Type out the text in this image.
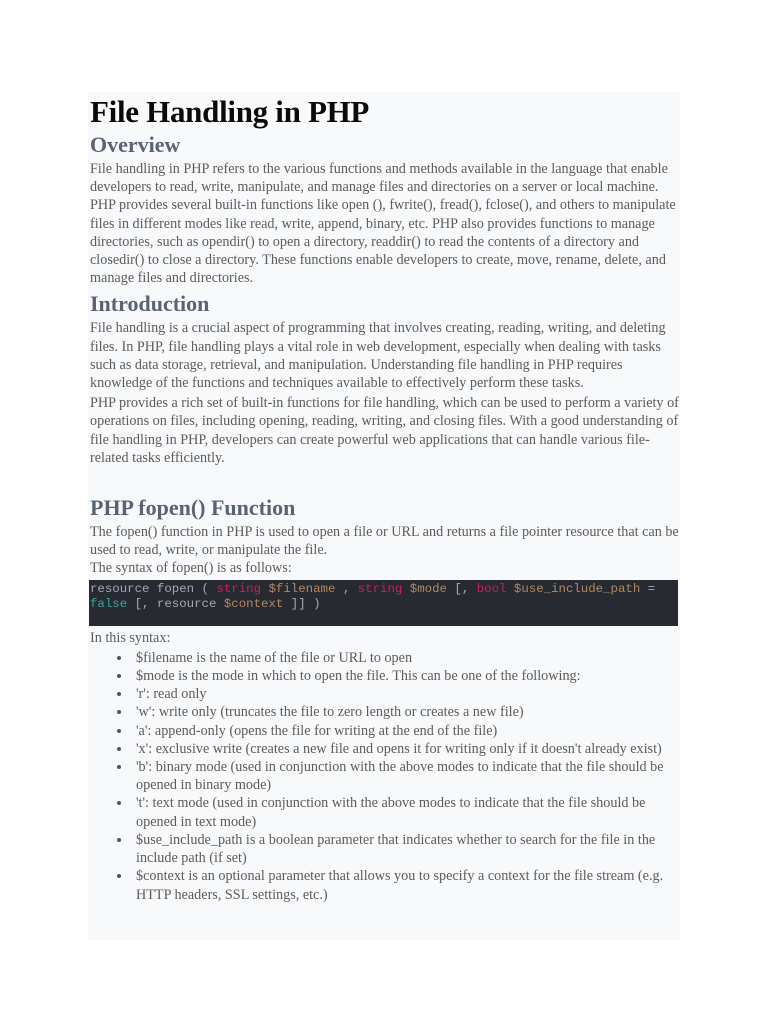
File Handling in PHP
Overview

File handling in PHP refers to the various functions and methods available in the language that enable developers to read, write, manipulate, and manage files and directories on a server or local machine. PHP provides several built-in functions like open (), fwrite(), fread(), fclose(), and others to manipulate files in different modes like read, write, append, binary, etc. PHP also provides functions to manage directories, such as opendir() to open a directory, readdir() to read the contents of a directory and closedir() to close a directory. These functions enable developers to create, move, rename, delete, and manage files and directories.

Introduction

File handling is a crucial aspect of programming that involves creating, reading, writing, and deleting files. In PHP, file handling plays a vital role in web development, especially when dealing with tasks such as data storage, retrieval, and manipulation. Understanding file handling in PHP requires knowledge of the functions and techniques available to effectively perform these tasks.

PHP provides a rich set of built-in functions for file handling, which can be used to perform a variety of operations on files, including opening, reading, writing, and closing files. With a good understanding of file handling in PHP, developers can create powerful web applications that can handle various file-related tasks efficiently.

PHP fopen() Function

The fopen() function in PHP is used to open a file or URL and returns a file pointer resource that can be used to read, write, or manipulate the file.

The syntax of fopen() is as follows:

resource fopen ( string $filename , string $mode [, bool $use_include_path =
false [, resource $context ]] )

In this syntax:

$filename is the name of the file or URL to open
$mode is the mode in which to open the file. This can be one of the following:
'r': read only
'w': write only (truncates the file to zero length or creates a new file)
'a': append-only (opens the file for writing at the end of the file)
'x': exclusive write (creates a new file and opens it for writing only if it doesn't already exist)
'b': binary mode (used in conjunction with the above modes to indicate that the file should be opened in binary mode)
't': text mode (used in conjunction with the above modes to indicate that the file should be opened in text mode)
$use_include_path is a boolean parameter that indicates whether to search for the file in the include path (if set)
$context is an optional parameter that allows you to specify a context for the file stream (e.g. HTTP headers, SSL settings, etc.)
